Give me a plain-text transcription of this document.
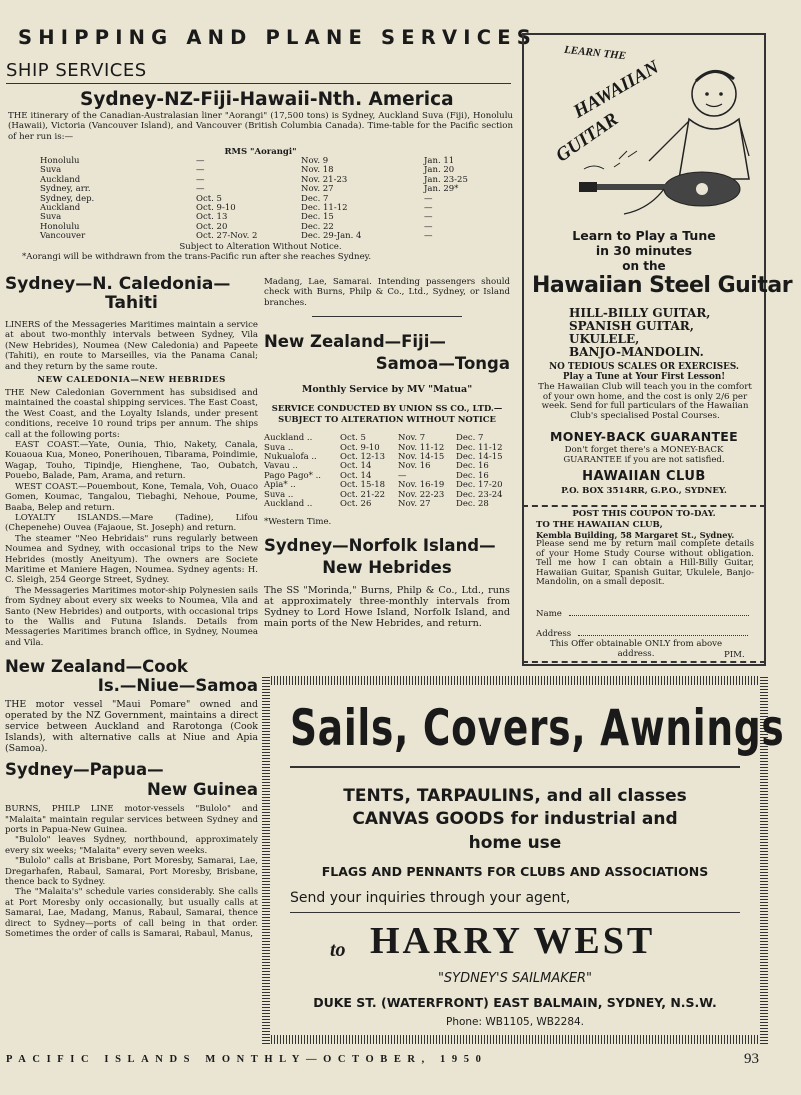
SHIPPING AND PLANE SERVICES
SHIP SERVICES
Sydney-NZ-Fiji-Hawaii-Nth. America

THE itinerary of the Canadian-Australasian liner "Aorangi" (17,500 tons) is Sydney, Auckland Suva (Fiji), Honolulu (Hawaii), Victoria (Vancouver Island), and Vancouver (British Columbia Canada). Time-table for the Pacific section of her run is:—

RMS "Aorangi"
Honolulu	—	Nov. 9	Jan. 11
Suva	—	Nov. 18	Jan. 20
Auckland	—	Nov. 21-23	Jan. 23-25
Sydney, arr.	—	Nov. 27	Jan. 29*
Sydney, dep.	Oct. 5	Dec. 7	—
Auckland	Oct. 9-10	Dec. 11-12	—
Suva	Oct. 13	Dec. 15	—
Honolulu	Oct. 20	Dec. 22	—
Vancouver	Oct. 27-Nov. 2	Dec. 29-Jan. 4	—
Subject to Alteration Without Notice.
*Aorangi will be withdrawn from the trans-Pacific run after she reaches Sydney.
Sydney—N. Caledonia—
Tahiti

LINERS of the Messageries Maritimes maintain a service at about two-monthly intervals between Sydney, Vila (New Hebrides), Noumea (New Caledonia) and Papeete (Tahiti), en route to Marseilles, via the Panama Canal; and they return by the same route.

NEW CALEDONIA—NEW HEBRIDES

THE New Caledonian Government has subsidised and maintained the coastal shipping services. The East Coast, the West Coast, and the Loyalty Islands, under present conditions, receive 10 round trips per annum. The ships call at the following ports:

EAST COAST.—Yate, Ounia, Thio, Nakety, Canala, Kouaoua Kua, Moneo, Ponerihouen, Tibarama, Poindimie, Wagap, Touho, Tipindje, Hienghene, Tao, Oubatch, Pouebo, Balade, Pam, Arama, and return.

WEST COAST.—Pouembout, Kone, Temala, Voh, Ouaco Gomen, Koumac, Tangalou, Tiebaghi, Nehoue, Poume, Baaba, Belep and return.

LOYALTY ISLANDS.—Mare (Tadine), Lifou (Chepenehe) Ouvea (Fajaoue, St. Joseph) and return.

The steamer "Neo Hebridais" runs regularly between Noumea and Sydney, with occasional trips to the New Hebrides (mostly Aneityum). The owners are Societe Maritime et Maniere Hagen, Noumea. Sydney agents: H. C. Sleigh, 254 George Street, Sydney.

The Messageries Maritimes motor-ship Polynesien sails from Sydney about every six weeks to Noumea, Vila and Santo (New Hebrides) and outports, with occasional trips to the Wallis and Futuna Islands. Details from Messageries Maritimes branch office, in Sydney, Noumea and Vila.

New Zealand—Cook
Is.—Niue—Samoa

THE motor vessel "Maui Pomare" owned and operated by the NZ Government, maintains a direct service between Auckland and Rarotonga (Cook Islands), with alternative calls at Niue and Apia (Samoa).

Sydney—Papua—
New Guinea

BURNS, PHILP LINE motor-vessels "Bulolo" and "Malaita" maintain regular services between Sydney and ports in Papua-New Guinea.

"Bulolo" leaves Sydney, northbound, approximately every six weeks; "Malaita" every seven weeks.

"Bulolo" calls at Brisbane, Port Moresby, Samarai, Lae, Dregarhafen, Rabaul, Samarai, Port Moresby, Brisbane, thence back to Sydney.

The "Malaita's" schedule varies considerably. She calls at Port Moresby only occasionally, but usually calls at Samarai, Lae, Madang, Manus, Rabaul, Samarai, thence direct to Sydney—ports of call being in that order. Sometimes the order of calls is Samarai, Rabaul, Manus,

Madang, Lae, Samarai. Intending passengers should check with Burns, Philp & Co., Ltd., Sydney, or Island branches.

New Zealand—Fiji—
Samoa—Tonga
Monthly Service by MV "Matua"
SERVICE CONDUCTED BY UNION SS CO., LTD.—SUBJECT TO ALTERATION WITHOUT NOTICE
Auckland ..	Oct. 5	Nov. 7	Dec. 7
Suva ..	Oct. 9-10	Nov. 11-12	Dec. 11-12
Nukualofa ..	Oct. 12-13	Nov. 14-15	Dec. 14-15
Vavau ..	Oct. 14	Nov. 16	Dec. 16
Pago Pago* ..	Oct. 14	—	Dec. 16
Apia* ..	Oct. 15-18	Nov. 16-19	Dec. 17-20
Suva ..	Oct. 21-22	Nov. 22-23	Dec. 23-24
Auckland ..	Oct. 26	Nov. 27	Dec. 28
*Western Time.
Sydney—Norfolk Island—
New Hebrides

The SS "Morinda," Burns, Philp & Co., Ltd., runs at approximately three-monthly intervals from Sydney to Lord Howe Island, Norfolk Island, and main ports of the New Hebrides, and return.

LEARN THE
HAWAIIAN
GUITAR
Learn to Play a Tune
in 30 minutes
on the
Hawaiian Steel Guitar
HILL-BILLY GUITAR,
SPANISH GUITAR,
UKULELE,
BANJO-MANDOLIN.
NO TEDIOUS SCALES OR EXERCISES.
Play a Tune at Your First Lesson!

The Hawaiian Club will teach you in the comfort of your own home, and the cost is only 2/6 per week. Send for full particulars of the Hawaiian Club's specialised Postal Courses.

MONEY-BACK GUARANTEE

Don't forget there's a MONEY-BACK GUARANTEE if you are not satisfied.

HAWAIIAN CLUB
P.O. BOX 3514RR, G.P.O., SYDNEY.
POST THIS COUPON TO-DAY.
TO THE HAWAIIAN CLUB,
Kembla Building, 58 Margaret St., Sydney.

Please send me by return mail complete details of your Home Study Course without obligation. Tell me how I can obtain a Hill-Billy Guitar, Hawaiian Guitar, Spanish Guitar, Ukulele, Banjo-Mandolin, on a small deposit.

Name
Address

This Offer obtainable ONLY from above address.	PIM.
Sails, Covers, Awnings
TENTS, TARPAULINS, and all classes
CANVAS GOODS for industrial and
home use
FLAGS AND PENNANTS FOR CLUBS AND ASSOCIATIONS
Send your inquiries through your agent,
to HARRY WEST
"SYDNEY'S SAILMAKER"
DUKE ST. (WATERFRONT) EAST BALMAIN, SYDNEY, N.S.W.
Phone: WB1105, WB2284.
PACIFIC ISLANDS MONTHLY—OCTOBER, 1950	93
